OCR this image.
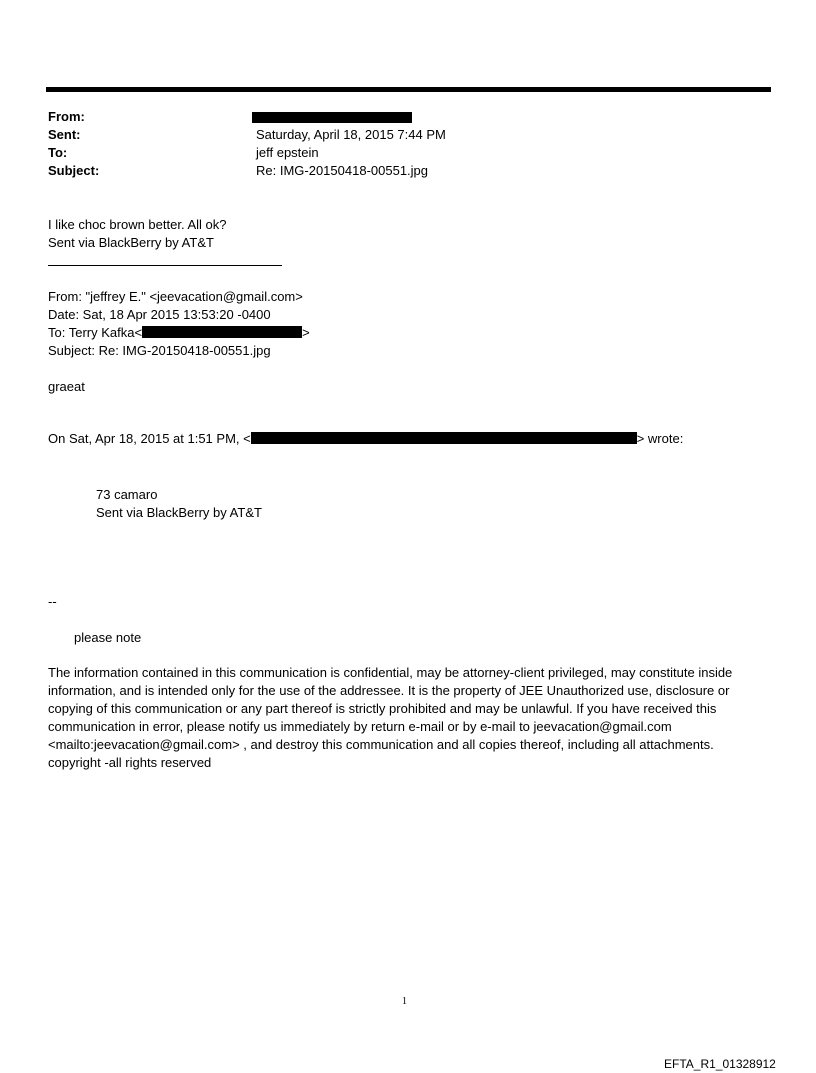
From:
Sent:	Saturday, April 18, 2015 7:44 PM
To:	jeff epstein
Subject:	Re: IMG-20150418-00551.jpg
I like choc brown better. All ok?
Sent via BlackBerry by AT&T
From: "jeffrey E." <jeevacation@gmail.com>
Date: Sat, 18 Apr 2015 13:53:20 -0400
To: Terry Kafka<	>
Subject: Re: IMG-20150418-00551.jpg
graeat
On Sat, Apr 18, 2015 at 1:51 PM, <	> wrote:
73 camaro
Sent via BlackBerry by AT&T
--
please note
The information contained in this communication is confidential, may be attorney-client privileged, may constitute inside information, and is intended only for the use of the addressee. It is the property of JEE Unauthorized use, disclosure or copying of this communication or any part thereof is strictly prohibited and may be unlawful. If you have received this communication in error, please notify us immediately by return e-mail or by e-mail to jeevacation@gmail.com <mailto:jeevacation@gmail.com> , and destroy this communication and all copies thereof, including all attachments. copyright -all rights reserved
1
EFTA_R1_01328912
